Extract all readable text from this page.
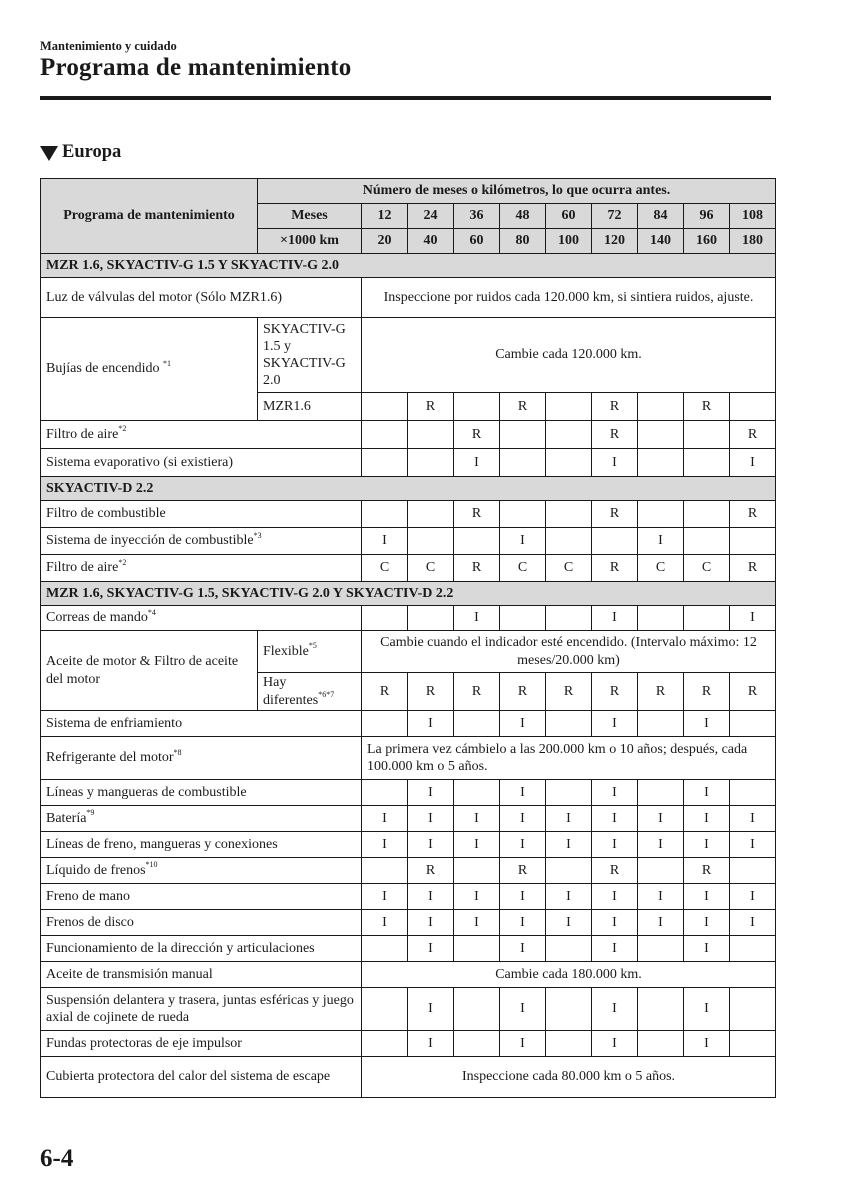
Mantenimiento y cuidado
Programa de mantenimiento
Europa
Programa de mantenimiento	Número de meses o kilómetros, lo que ocurra antes.									
	Meses	12	24	36	48	60	72	84	96	108
	×1000 km	20	40	60	80	100	120	140	160	180
MZR 1.6, SKYACTIV-G 1.5 Y SKYACTIV-G 2.0										
Luz de válvulas del motor (Sólo MZR1.6)		Inspeccione por ruidos cada 120.000 km, si sintiera ruidos, ajuste.								
Bujías de encendido $^{*1}$	SKYACTIV-G 1.5 y SKYACTIV-G 2.0	Cambie cada 120.000 km.								
	MZR1.6		R		R		R		R	
Filtro de aire$^{*2}$				R			R			R
Sistema evaporativo (si existiera)				I			I			I
SKYACTIV-D 2.2										
Filtro de combustible				R			R			R
Sistema de inyección de combustible$^{*3}$		I			I			I		
Filtro de aire$^{*2}$		C	C	R	C	C	R	C	C	R
MZR 1.6, SKYACTIV-G 1.5, SKYACTIV-G 2.0 Y SKYACTIV-D 2.2										
Correas de mando$^{*4}$				I			I			I
Aceite de motor & Filtro de aceite del motor	Flexible$^{*5}$	Cambie cuando el indicador esté encendido. (Intervalo máximo: 12 meses/20.000 km)								
	Hay diferentes$^{*6*7}$	R	R	R	R	R	R	R	R	R
Sistema de enfriamiento			I		I		I		I	
Refrigerante del motor$^{*8}$		La primera vez cámbielo a las 200.000 km o 10 años; después, cada 100.000 km o 5 años.								
Líneas y mangueras de combustible			I		I		I		I	
Batería$^{*9}$		I	I	I	I	I	I	I	I	I
Líneas de freno, mangueras y conexiones		I	I	I	I	I	I	I	I	I
Líquido de frenos$^{*10}$			R		R		R		R	
Freno de mano		I	I	I	I	I	I	I	I	I
Frenos de disco		I	I	I	I	I	I	I	I	I
Funcionamiento de la dirección y articulaciones			I		I		I		I	
Aceite de transmisión manual		Cambie cada 180.000 km.								
Suspensión delantera y trasera, juntas esféricas y juego axial de cojinete de rueda			I		I		I		I	
Fundas protectoras de eje impulsor			I		I		I		I	
Cubierta protectora del calor del sistema de escape		Inspeccione cada 80.000 km o 5 años.								
6-4
